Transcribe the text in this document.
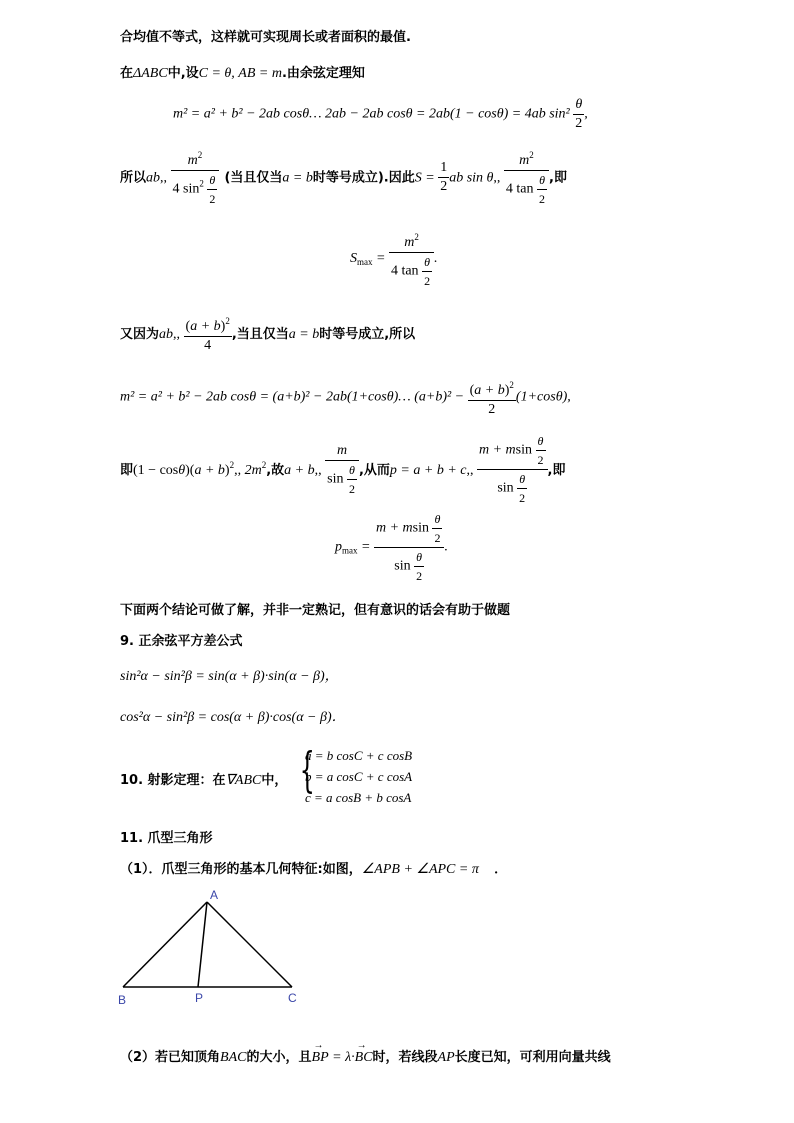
合均值不等式，这样就可实现周长或者面积的最值.
在ΔABC中,设C = θ, AB = m.由余弦定理知
m² = a² + b² − 2ab cosθ… 2ab − 2ab cosθ = 2ab(1 − cosθ) = 4ab $\sin^2 \frac{\theta}{2}$ ,
所以ab,, $\frac{m^2}{4 \sin^2 \frac{\theta}{2}}$ (当且仅当a = b时等号成立).因此$S = \frac{1}{2}$ ab sin θ,, $\frac{m^2}{4 \tan \frac{\theta}{2}}$ ,即
$S_{max} = \frac{m^2}{4 \tan \frac{\theta}{2}}$ .
又因为ab,, $\frac{(a + b)^2}{4}$ ,当且仅当a = b时等号成立,所以
m² = a² + b² − 2ab cosθ = (a+b)² − 2ab(1+cosθ)… $(a+b)^2 - \frac{(a + b)^2}{2} (1+\cos\theta)$,
即$(1 - \cos\theta)(a + b)^2$,, $2m^2$,故a + b,, $\frac{m}{\sin \frac{\theta}{2}}$ ,从而p = a + b + c,, $\frac{m + msin \frac{\theta}{2}}{\sin \frac{\theta}{2}}$ ,即
$p_{max} = \frac{m + msin \frac{\theta}{2}}{\sin \frac{\theta}{2}}$ .
下面两个结论可做了解，并非一定熟记，但有意识的话会有助于做题
9. 正余弦平方差公式
sin²α − sin²β = sin(α + β)·sin(α − β)，
cos²α − sin²β = cos(α + β)·cos(α − β)．
10. 射影定理：在∇ABC中， {
a = b cosC + c cosB
b = a cosC + c cosA
c = a cosB + b cosA
11. 爪型三角形
（1）．爪型三角形的基本几何特征:如图，∠APB + ∠APC = π ．
A
B	P	C
（2）若已知顶角BAC的大小，且BP
→
= λ·BC
→
时，若线段AP长度已知，可利用向量共线
